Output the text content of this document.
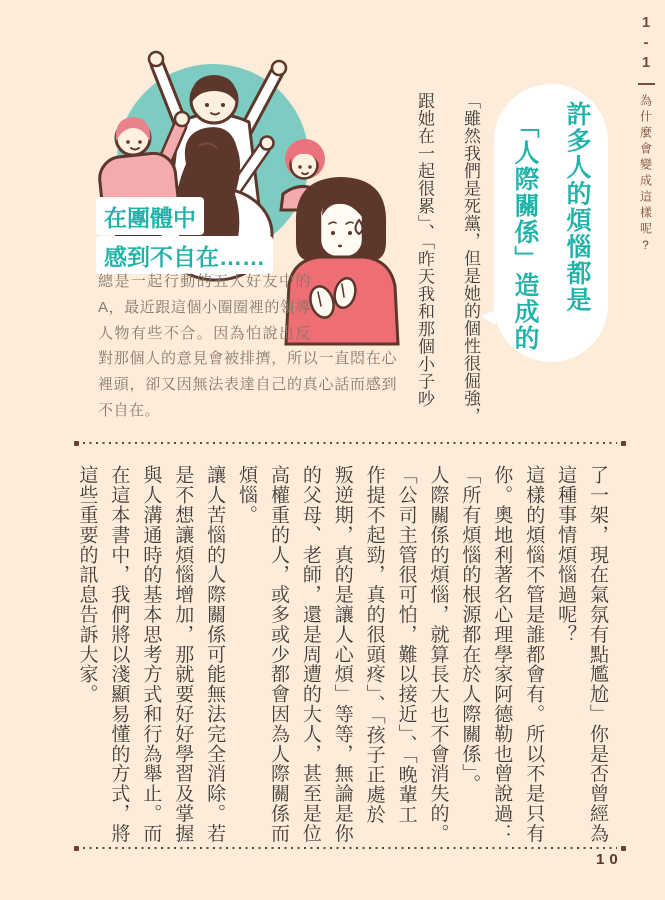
1-1
為什麼會變成這樣呢?
在團體中
感到不自在……
總是一起行動的五人好友中的A，最近跟這個小圈圈裡的領導人物有些不合。因為怕說出反對那個人的意見會被排擠，所以一直悶在心裡頭，卻又因無法表達自己的真心話而感到不自在。
許多人的煩惱都是
「人際關係」造成的
「雖然我們是死黨，但是她的個性很倔強，
跟她在一起很累」、「昨天我和那個小子吵
了一架，現在氣氛有點尷尬」你是否曾經為
這種事情煩惱過呢？
這樣的煩惱不管是誰都會有。所以不是只有
你。奧地利著名心理學家阿德勒也曾說過：
「所有煩惱的根源都在於人際關係」。
人際關係的煩惱，就算長大也不會消失的。
「公司主管很可怕，難以接近」、「晚輩工
作提不起勁，真的很頭疼」、「孩子正處於
叛逆期，真的是讓人心煩」等等，無論是你
的父母、老師，還是周遭的大人，甚至是位
高權重的人，或多或少都會因為人際關係而
煩惱。
讓人苦惱的人際關係可能無法完全消除。若
是不想讓煩惱增加，那就要好好學習及掌握
與人溝通時的基本思考方式和行為舉止。而
在這本書中，我們將以淺顯易懂的方式，將
這些重要的訊息告訴大家。
10
